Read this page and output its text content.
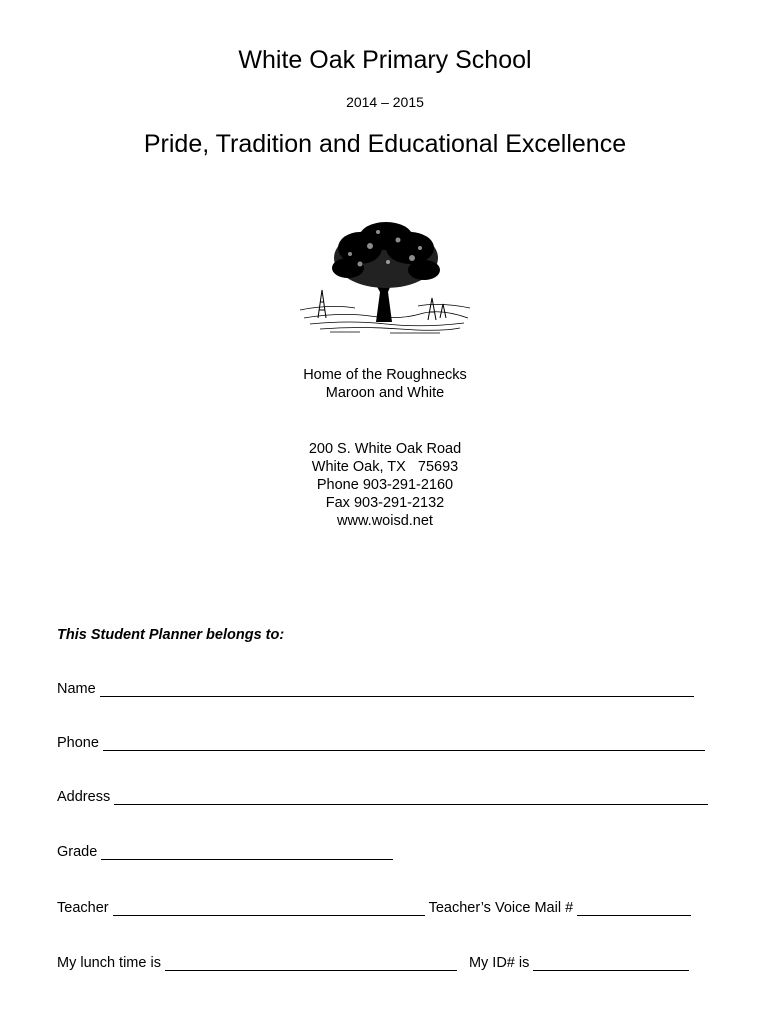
White Oak Primary School
2014 – 2015
Pride, Tradition and Educational Excellence
Home of the Roughnecks
Maroon and White
200 S. White Oak Road
White Oak, TX   75693
Phone 903-291-2160
Fax 903-291-2132
www.woisd.net
This Student Planner belongs to:
Name
Phone
Address
Grade
Teacher	Teacher’s Voice Mail #
My lunch time is	My ID# is
